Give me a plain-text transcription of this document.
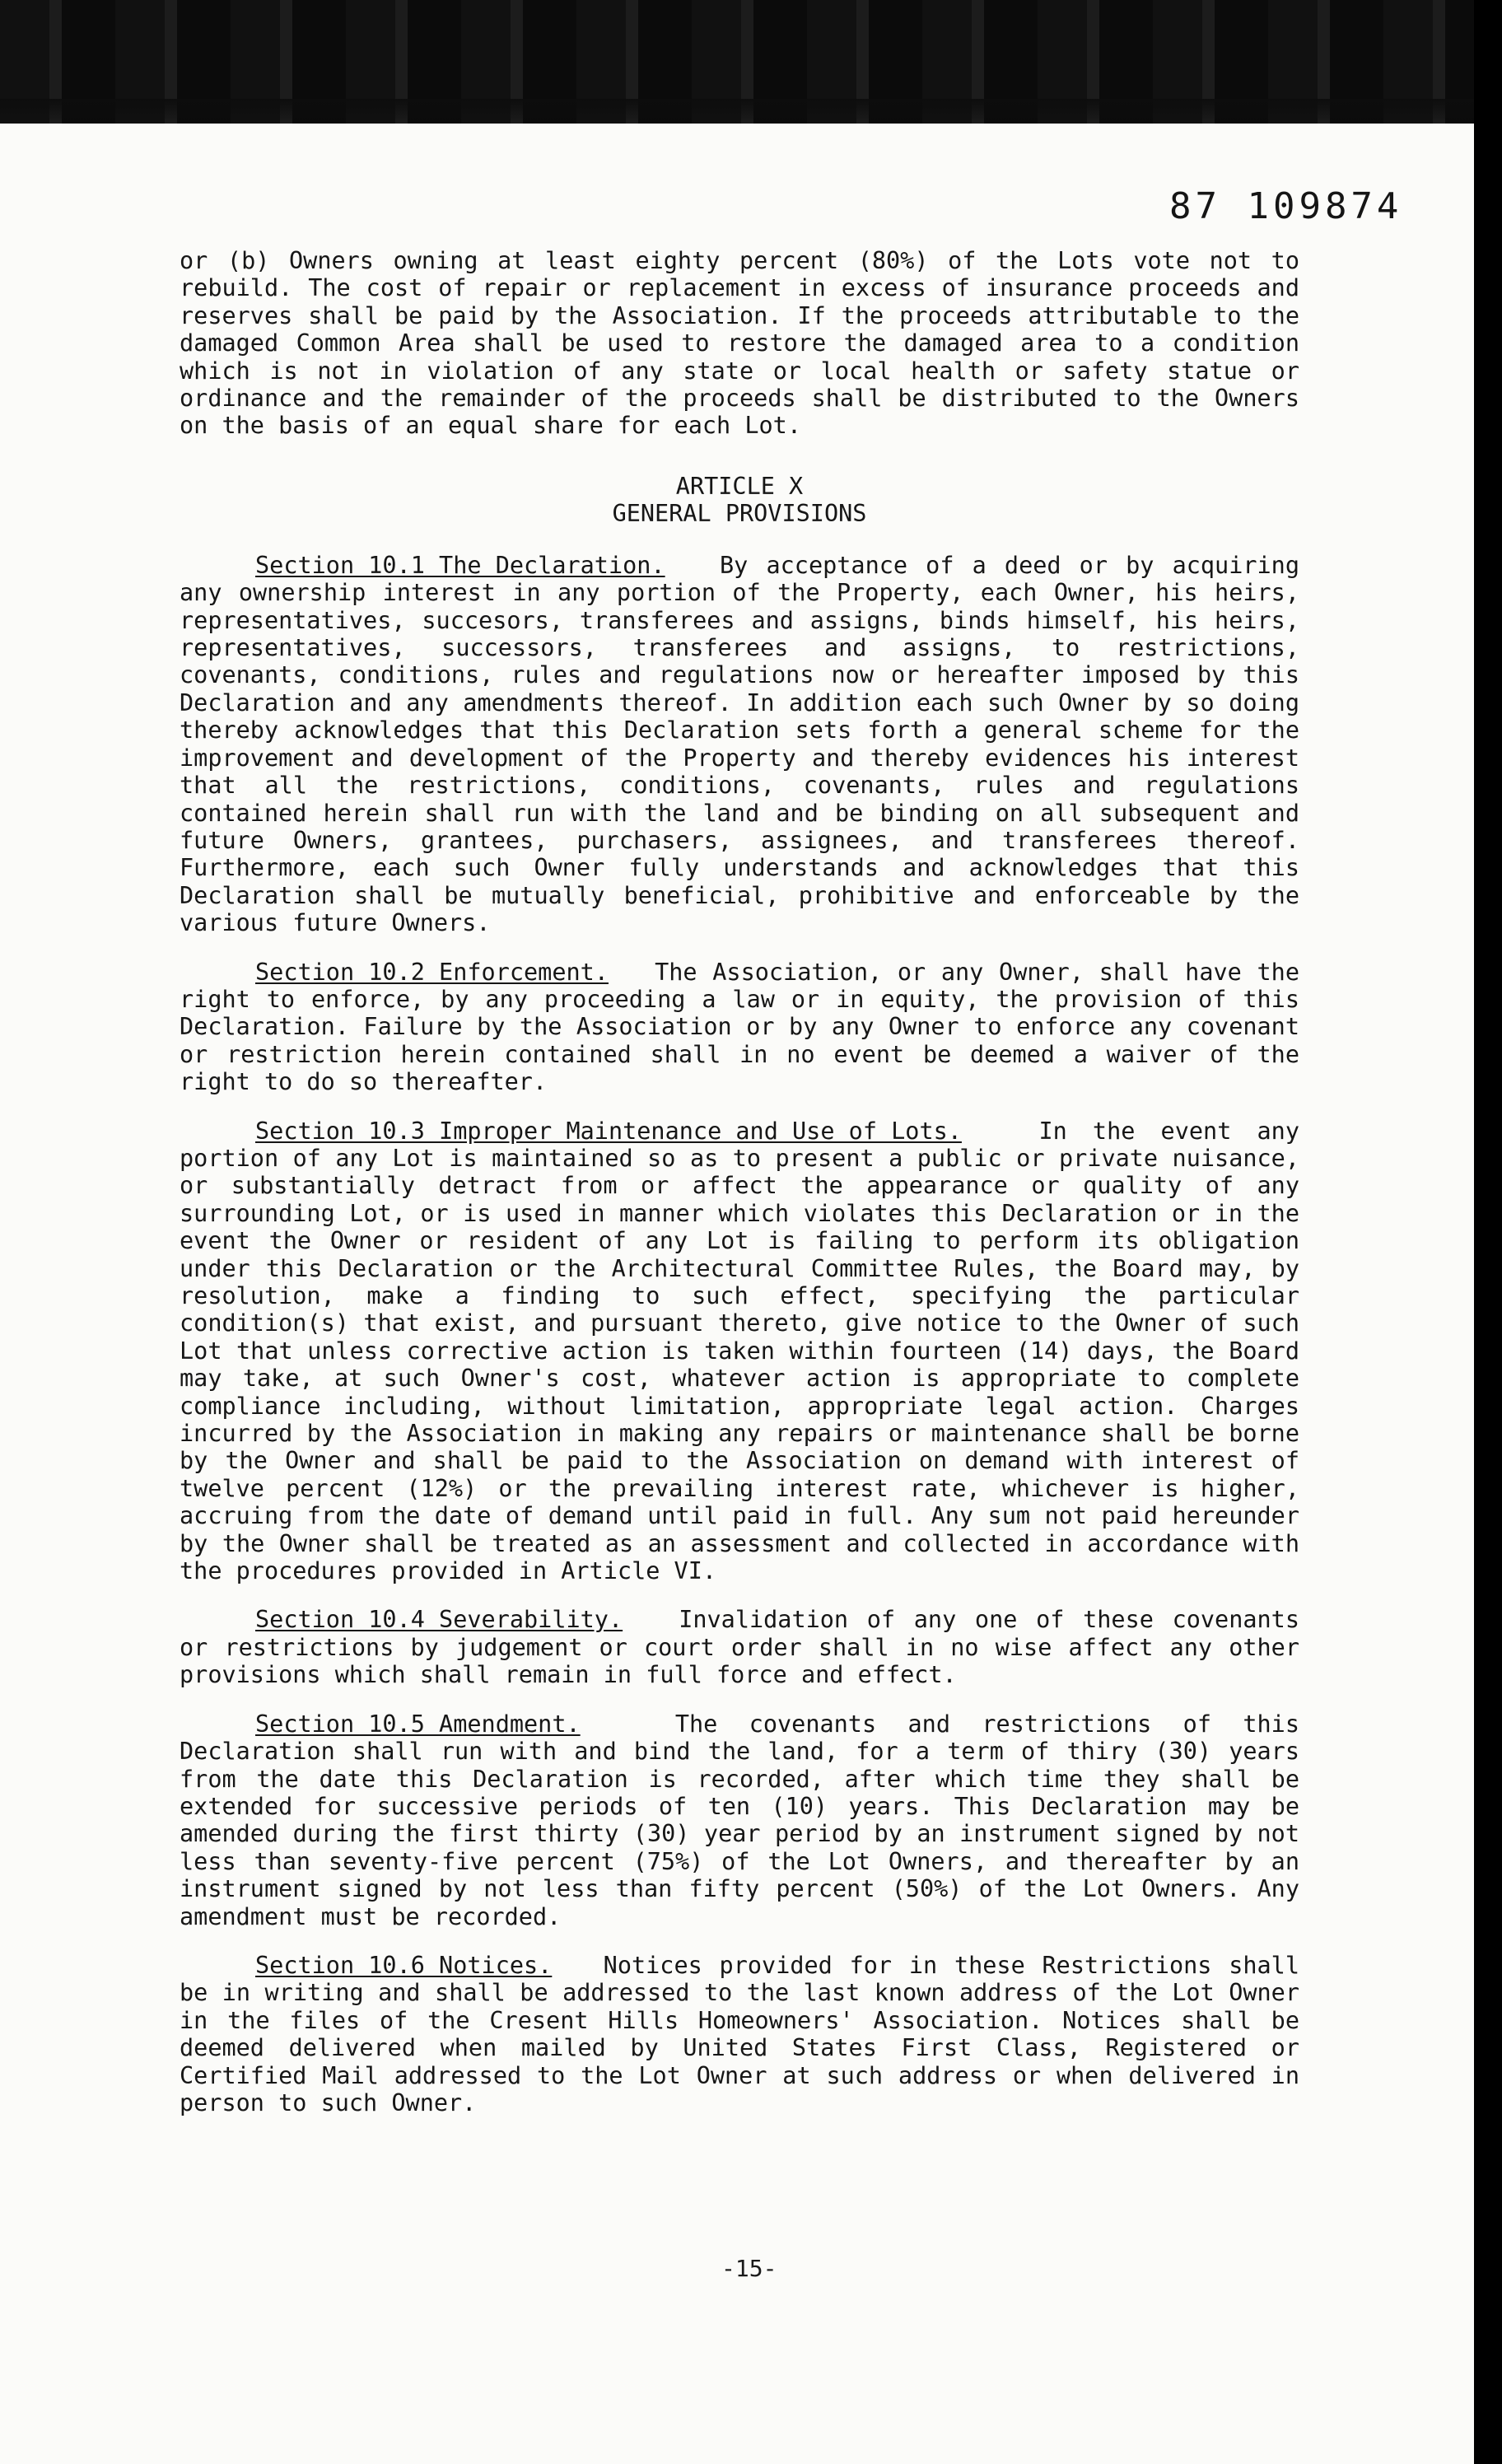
87 109874

or (b) Owners owning at least eighty percent (80%) of the Lots vote not to rebuild. The cost of repair or replacement in excess of insurance proceeds and reserves shall be paid by the Association. If the proceeds attributable to the damaged Common Area shall be used to restore the damaged area to a condition which is not in violation of any state or local health or safety statue or ordinance and the remainder of the proceeds shall be distributed to the Owners on the basis of an equal share for each Lot.

ARTICLE X
GENERAL PROVISIONS

Section 10.1 The Declaration. By acceptance of a deed or by acquiring any ownership interest in any portion of the Property, each Owner, his heirs, representatives, succesors, transferees and assigns, binds himself, his heirs, representatives, successors, transferees and assigns, to restrictions, covenants, conditions, rules and regulations now or hereafter imposed by this Declaration and any amendments thereof. In addition each such Owner by so doing thereby acknowledges that this Declaration sets forth a general scheme for the improvement and development of the Property and thereby evidences his interest that all the restrictions, conditions, covenants, rules and regulations contained herein shall run with the land and be binding on all subsequent and future Owners, grantees, purchasers, assignees, and transferees thereof. Furthermore, each such Owner fully understands and acknowledges that this Declaration shall be mutually beneficial, prohibitive and enforceable by the various future Owners.

Section 10.2 Enforcement. The Association, or any Owner, shall have the right to enforce, by any proceeding a law or in equity, the provision of this Declaration. Failure by the Association or by any Owner to enforce any covenant or restriction herein contained shall in no event be deemed a waiver of the right to do so thereafter.

Section 10.3 Improper Maintenance and Use of Lots.	In the event any portion of any Lot is maintained so as to present a public or private nuisance, or substantially detract from or affect the appearance or quality of any surrounding Lot, or is used in manner which violates this Declaration or in the event the Owner or resident of any Lot is failing to perform its obligation under this Declaration or the Architectural Committee Rules, the Board may, by resolution, make a finding to such effect, specifying the particular condition(s) that exist, and pursuant thereto, give notice to the Owner of such Lot that unless corrective action is taken within fourteen (14) days, the Board may take, at such Owner's cost, whatever action is appropriate to complete compliance including, without limitation, appropriate legal action. Charges incurred by the Association in making any repairs or maintenance shall be borne by the Owner and shall be paid to the Association on demand with interest of twelve percent (12%) or the prevailing interest rate, whichever is higher, accruing from the date of demand until paid in full. Any sum not paid hereunder by the Owner shall be treated as an assessment and collected in accordance with the procedures provided in Article VI.

Section 10.4 Severability. Invalidation of any one of these covenants or restrictions by judgement or court order shall in no wise affect any other provisions which shall remain in full force and effect.

Section 10.5 Amendment.	The covenants and restrictions of this Declaration shall run with and bind the land, for a term of thiry (30) years from the date this Declaration is recorded, after which time they shall be extended for successive periods of ten (10) years. This Declaration may be amended during the first thirty (30) year period by an instrument signed by not less than seventy-five percent (75%) of the Lot Owners, and thereafter by an instrument signed by not less than fifty percent (50%) of the Lot Owners. Any amendment must be recorded.

Section 10.6 Notices. Notices provided for in these Restrictions shall be in writing and shall be addressed to the last known address of the Lot Owner in the files of the Cresent Hills Homeowners' Association. Notices shall be deemed delivered when mailed by United States First Class, Registered or Certified Mail addressed to the Lot Owner at such address or when delivered in person to such Owner.

-15-
